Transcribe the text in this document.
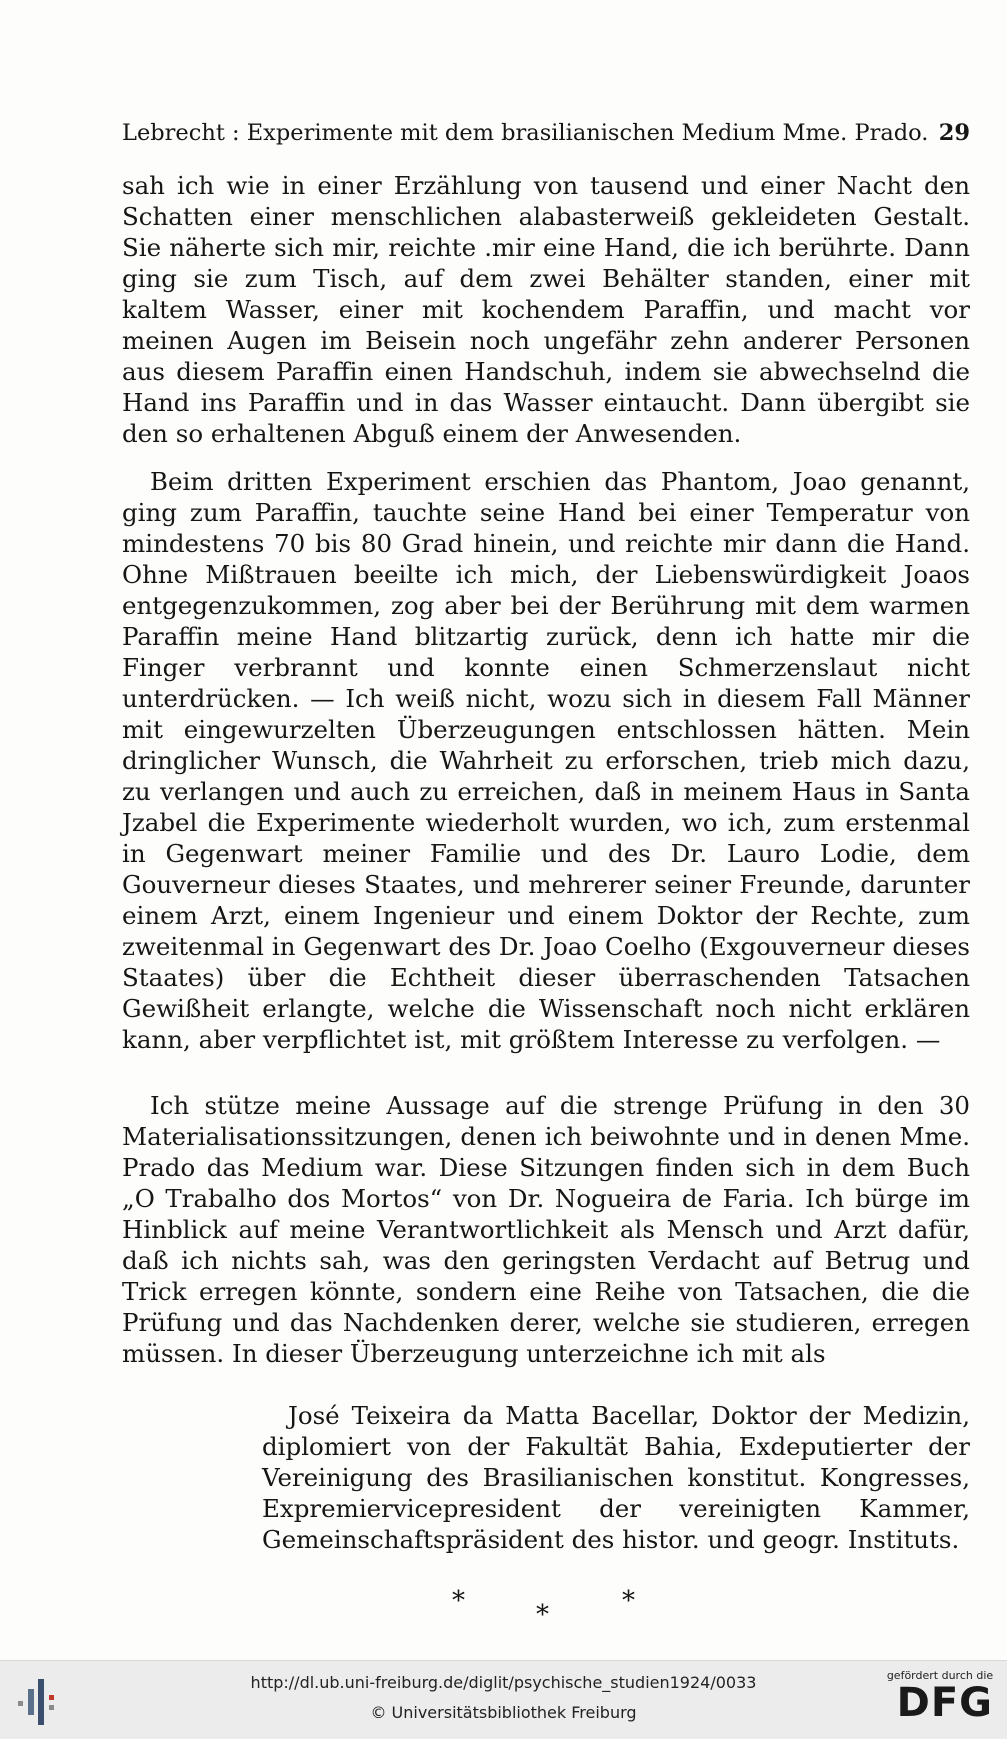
Lebrecht : Experimente mit dem brasilianischen Medium Mme. Prado. 29

sah ich wie in einer Erzählung von tausend und einer Nacht den Schatten einer menschlichen alabasterweiß gekleideten Gestalt. Sie näherte sich mir, reichte .mir eine Hand, die ich berührte. Dann ging sie zum Tisch, auf dem zwei Behälter standen, einer mit kaltem Wasser, einer mit kochendem Paraffin, und macht vor meinen Augen im Beisein noch ungefähr zehn anderer Personen aus diesem Paraffin einen Handschuh, indem sie abwechselnd die Hand ins Paraffin und in das Wasser eintaucht. Dann übergibt sie den so erhaltenen Abguß einem der Anwesenden.

Beim dritten Experiment erschien das Phantom, Joao genannt, ging zum Paraffin, tauchte seine Hand bei einer Temperatur von mindestens 70 bis 80 Grad hinein, und reichte mir dann die Hand. Ohne Mißtrauen beeilte ich mich, der Liebenswürdigkeit Joaos entgegenzukommen, zog aber bei der Berührung mit dem warmen Paraffin meine Hand blitzartig zurück, denn ich hatte mir die Finger verbrannt und konnte einen Schmerzenslaut nicht unterdrücken. — Ich weiß nicht, wozu sich in diesem Fall Männer mit eingewurzelten Überzeugungen entschlossen hätten. Mein dringlicher Wunsch, die Wahrheit zu erforschen, trieb mich dazu, zu verlangen und auch zu erreichen, daß in meinem Haus in Santa Jzabel die Experimente wiederholt wurden, wo ich, zum erstenmal in Gegenwart meiner Familie und des Dr. Lauro Lodie, dem Gouverneur dieses Staates, und mehrerer seiner Freunde, darunter einem Arzt, einem Ingenieur und einem Doktor der Rechte, zum zweitenmal in Gegenwart des Dr. Joao Coelho (Exgouverneur dieses Staates) über die Echtheit dieser überraschenden Tatsachen Gewißheit erlangte, welche die Wissenschaft noch nicht erklären kann, aber verpflichtet ist, mit größtem Interesse zu verfolgen. —

Ich stütze meine Aussage auf die strenge Prüfung in den 30 Materialisationssitzungen, denen ich beiwohnte und in denen Mme. Prado das Medium war. Diese Sitzungen finden sich in dem Buch „O Trabalho dos Mortos“ von Dr. Nogueira de Faria. Ich bürge im Hinblick auf meine Verantwortlichkeit als Mensch und Arzt dafür, daß ich nichts sah, was den geringsten Verdacht auf Betrug und Trick erregen könnte, sondern eine Reihe von Tatsachen, die die Prüfung und das Nachdenken derer, welche sie studieren, erregen müssen. In dieser Überzeugung unterzeichne ich mit als

José Teixeira da Matta Bacellar, Doktor der Medizin, diplomiert von der Fakultät Bahia, Exdeputierter der Vereinigung des Brasilianischen konstitut. Kongresses, Expremiervicepresident der vereinigten Kammer, Gemeinschaftspräsident des histor. und geogr. Instituts.

*	*	*
http://dl.ub.uni-freiburg.de/diglit/psychische_studien1924/0033
© Universitätsbibliothek Freiburg
gefördert durch die
DFG
